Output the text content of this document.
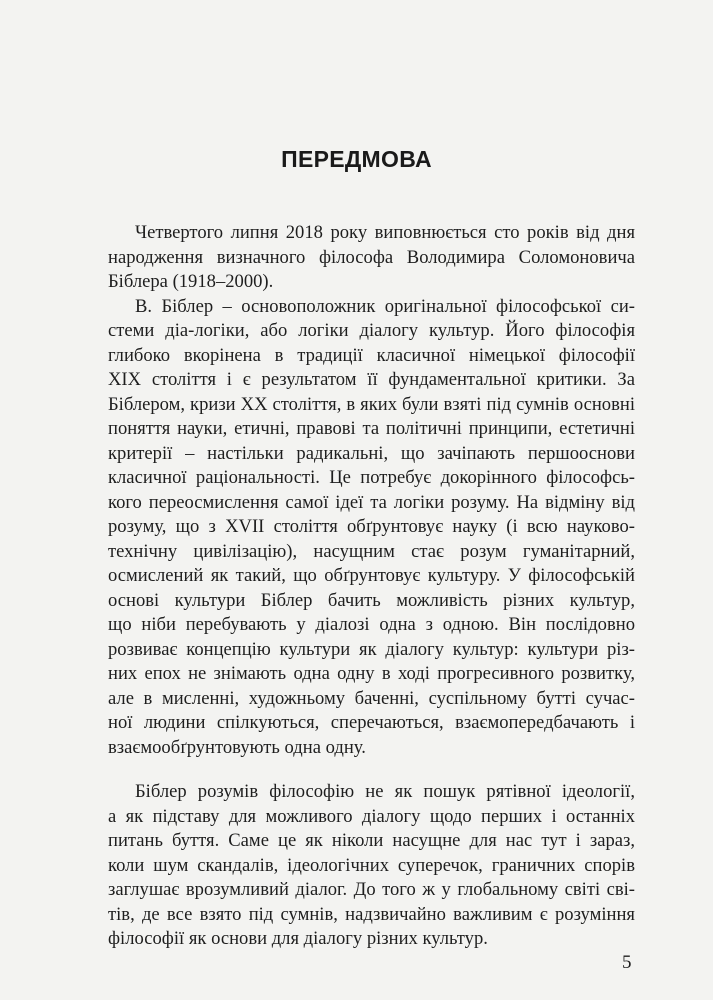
ПЕРЕДМОВА
Четвертого липня 2018 року виповнюється сто років від дня
народження визначного філософа Володимира Соломоновича
Біблера (1918–2000).
В. Біблер – основоположник оригінальної філософської си-
стеми діа-логіки, або логіки діалогу культур. Його філософія
глибоко вкорінена в традиції класичної німецької філософії
XIX століття і є результатом її фундаментальної критики. За
Біблером, кризи XX століття, в яких були взяті під сумнів основні
поняття науки, етичні, правові та політичні принципи, естетичні
критерії – настільки радикальні, що зачіпають першооснови
класичної раціональності. Це потребує докорінного філософсь-
кого переосмислення самої ідеї та логіки розуму. На відміну від
розуму, що з XVII століття обґрунтовує науку (і всю науково-
технічну цивілізацію), насущним стає розум гуманітарний,
осмислений як такий, що обґрунтовує культуру. У філософській
основі культури Біблер бачить можливість різних культур,
що ніби перебувають у діалозі одна з одною. Він послідовно
розвиває концепцію культури як діалогу культур: культури різ-
них епох не знімають одна одну в ході прогресивного розвитку,
але в мисленні, художньому баченні, суспільному бутті сучас-
ної людини спілкуються, сперечаються, взаємопередбачають і
взаємообґрунтовують одна одну.
Біблер розумів філософію не як пошук рятівної ідеології,
а як підставу для можливого діалогу щодо перших і останніх
питань буття. Саме це як ніколи насущне для нас тут і зараз,
коли шум скандалів, ідеологічних суперечок, граничних спорів
заглушає врозумливий діалог. До того ж у глобальному світі сві-
тів, де все взято під сумнів, надзвичайно важливим є розуміння
філософії як основи для діалогу різних культур.
5
